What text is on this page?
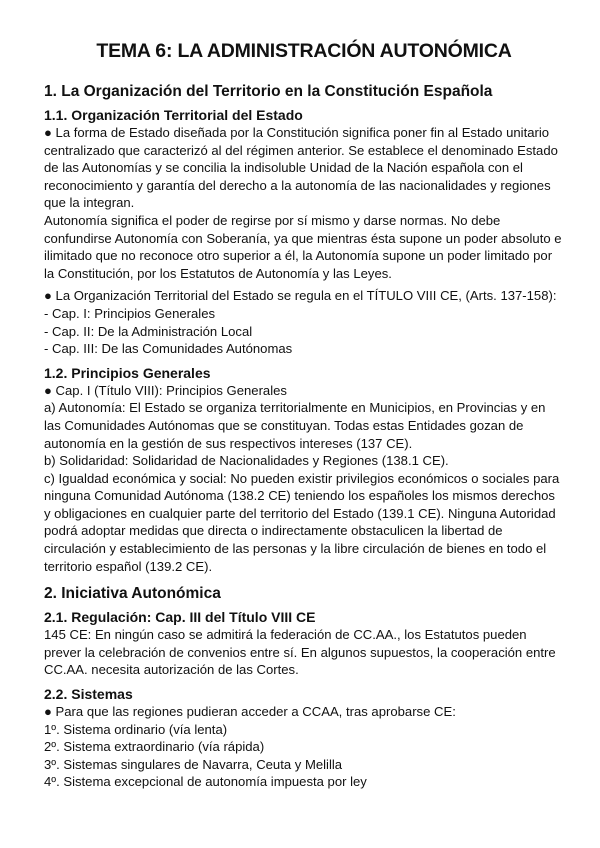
TEMA 6: LA ADMINISTRACIÓN AUTONÓMICA
1. La Organización del Territorio en la Constitución Española
1.1. Organización Territorial del Estado

● La forma de Estado diseñada por la Constitución significa poner fin al Estado unitario centralizado que caracterizó al del régimen anterior. Se establece el denominado Estado de las Autonomías y se concilia la indisoluble Unidad de la Nación española con el reconocimiento y garantía del derecho a la autonomía de las nacionalidades y regiones que la integran.

Autonomía significa el poder de regirse por sí mismo y darse normas. No debe confundirse Autonomía con Soberanía, ya que mientras ésta supone un poder absoluto e ilimitado que no reconoce otro superior a él, la Autonomía supone un poder limitado por la Constitución, por los Estatutos de Autonomía y las Leyes.

● La Organización Territorial del Estado se regula en el TÍTULO VIII CE, (Arts. 137-158):

- Cap. I: Principios Generales

- Cap. II: De la Administración Local

- Cap. III: De las Comunidades Autónomas

1.2. Principios Generales

● Cap. I (Título VIII): Principios Generales

a) Autonomía: El Estado se organiza territorialmente en Municipios, en Provincias y en las Comunidades Autónomas que se constituyan. Todas estas Entidades gozan de autonomía en la gestión de sus respectivos intereses (137 CE).

b) Solidaridad: Solidaridad de Nacionalidades y Regiones (138.1 CE).

c) Igualdad económica y social: No pueden existir privilegios económicos o sociales para ninguna Comunidad Autónoma (138.2 CE) teniendo los españoles los mismos derechos y obligaciones en cualquier parte del territorio del Estado (139.1 CE). Ninguna Autoridad podrá adoptar medidas que directa o indirectamente obstaculicen la libertad de circulación y establecimiento de las personas y la libre circulación de bienes en todo el territorio español (139.2 CE).

2. Iniciativa Autonómica
2.1. Regulación: Cap. III del Título VIII CE

145 CE: En ningún caso se admitirá la federación de CC.AA., los Estatutos pueden prever la celebración de convenios entre sí. En algunos supuestos, la cooperación entre CC.AA. necesita autorización de las Cortes.

2.2. Sistemas

● Para que las regiones pudieran acceder a CCAA, tras aprobarse CE:

1º. Sistema ordinario (vía lenta)

2º. Sistema extraordinario (vía rápida)

3º. Sistemas singulares de Navarra, Ceuta y Melilla

4º. Sistema excepcional de autonomía impuesta por ley
